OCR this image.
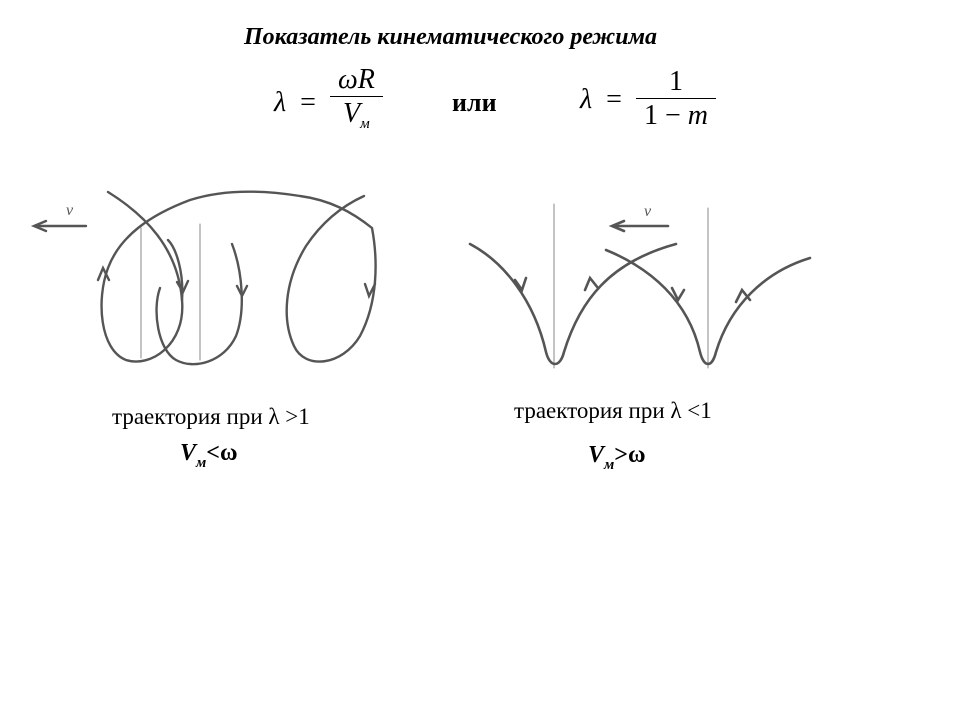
Показатель кинематического режима
$\lambda = \frac{\omega R}{V_м}$	или	$\lambda = \frac{1}{1 - m}$
v	v
траектория при λ >1
$V_м<\omega$
траектория при λ <1
$V_м>\omega$
